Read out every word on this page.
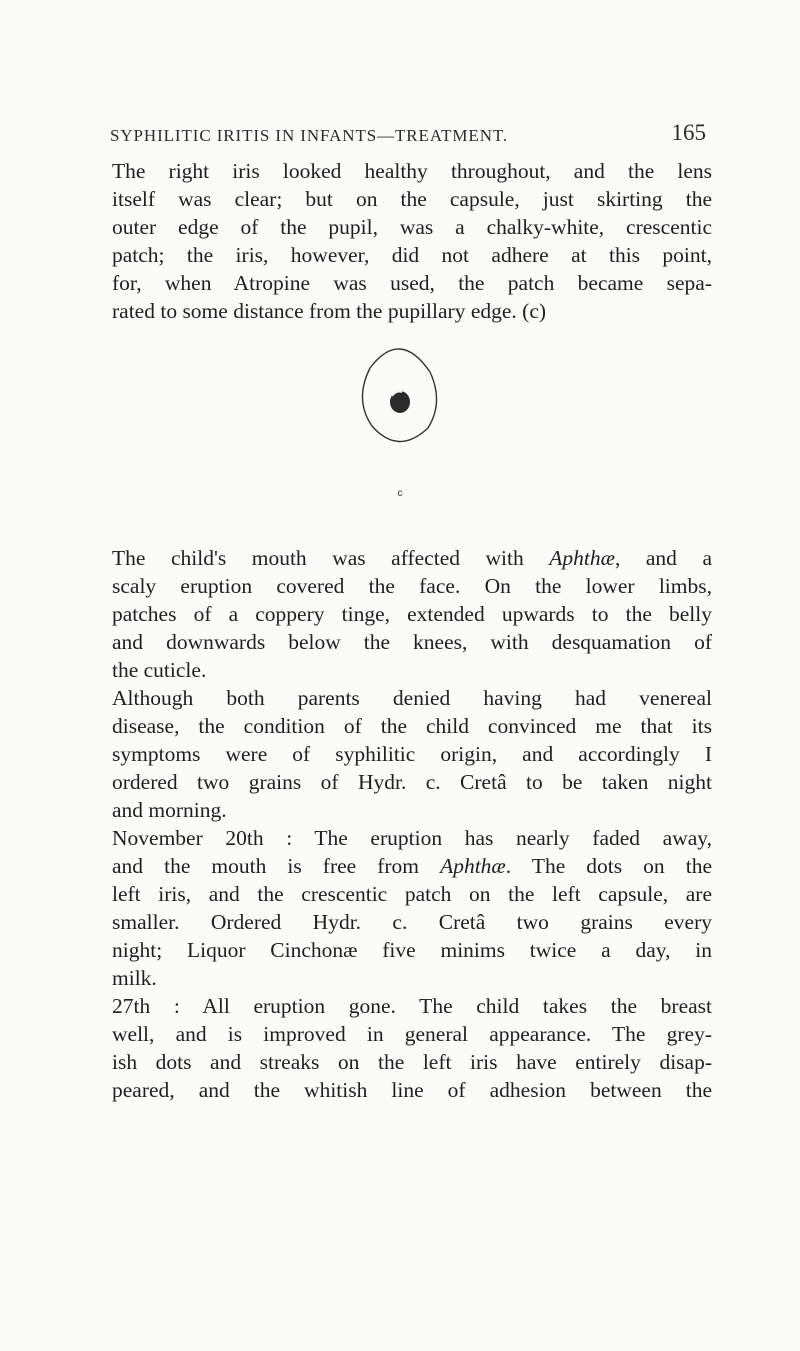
SYPHILITIC IRITIS IN INFANTS—TREATMENT.	165
The right iris looked healthy throughout, and the lens
itself was clear; but on the capsule, just skirting the
outer edge of the pupil, was a chalky-white, crescentic
patch; the iris, however, did not adhere at this point,
for, when Atropine was used, the patch became sepa-
rated to some distance from the pupillary edge. (c)
c
The child's mouth was affected with Aphthæ, and a
scaly eruption covered the face. On the lower limbs,
patches of a coppery tinge, extended upwards to the belly
and downwards below the knees, with desquamation of
the cuticle.
Although both parents denied having had venereal
disease, the condition of the child convinced me that its
symptoms were of syphilitic origin, and accordingly I
ordered two grains of Hydr. c. Cretâ to be taken night
and morning.
November 20th : The eruption has nearly faded away,
and the mouth is free from Aphthæ. The dots on the
left iris, and the crescentic patch on the left capsule, are
smaller. Ordered Hydr. c. Cretâ two grains every
night; Liquor Cinchonæ five minims twice a day, in
milk.
27th : All eruption gone. The child takes the breast
well, and is improved in general appearance. The grey-
ish dots and streaks on the left iris have entirely disap-
peared, and the whitish line of adhesion between the
